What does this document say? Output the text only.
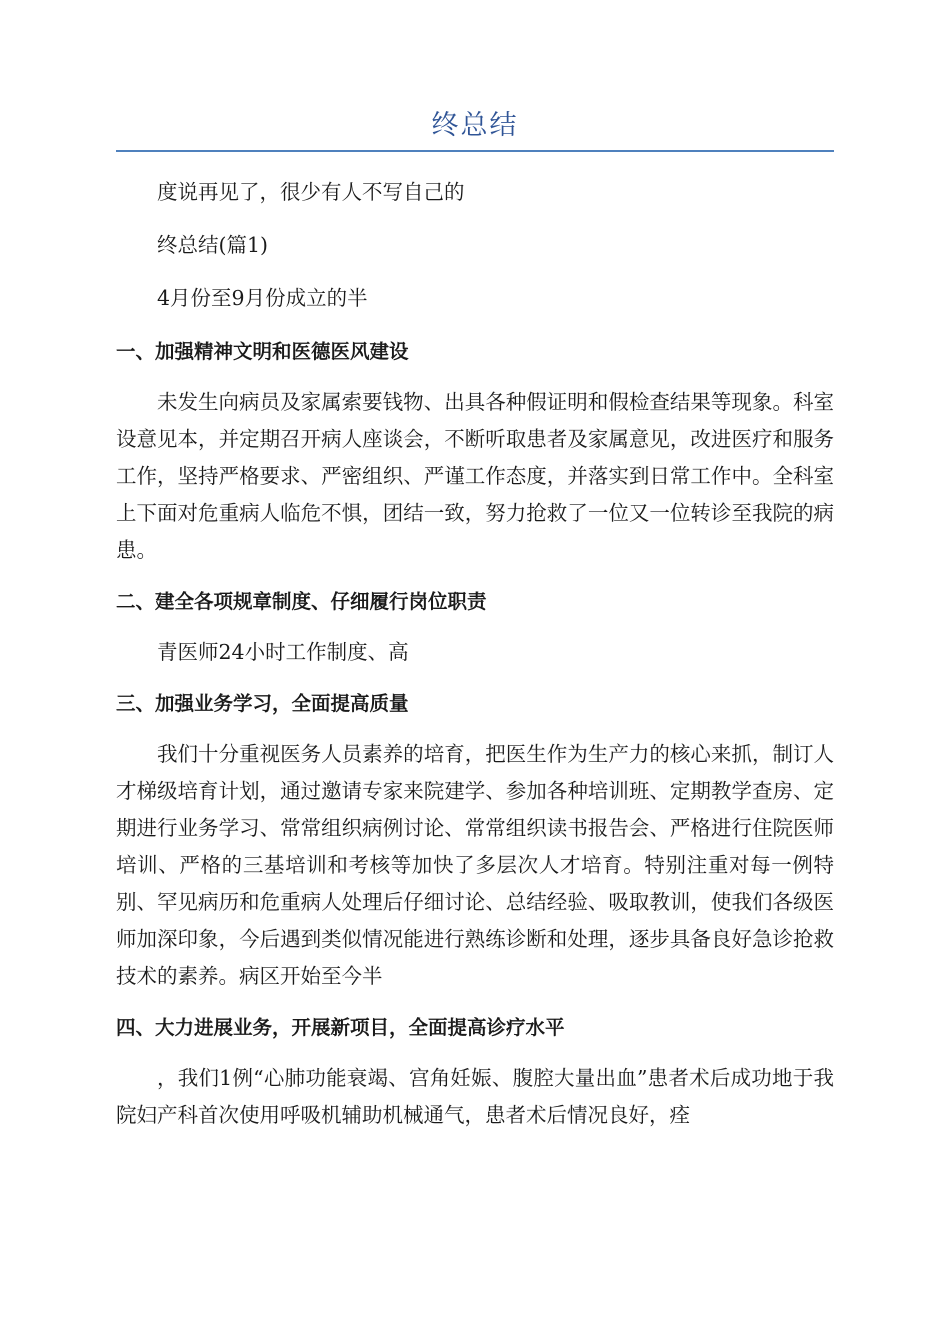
终总结

度说再见了，很少有人不写自己的

终总结(篇1)

4月份至9月份成立的半

一、加强精神文明和医德医风建设

未发生向病员及家属索要钱物、出具各种假证明和假检查结果等现象。科室设意见本，并定期召开病人座谈会，不断听取患者及家属意见，改进医疗和服务工作，坚持严格要求、严密组织、严谨工作态度，并落实到日常工作中。全科室上下面对危重病人临危不惧，团结一致，努力抢救了一位又一位转诊至我院的病患。

二、建全各项规章制度、仔细履行岗位职责

青医师24小时工作制度、高

三、加强业务学习，全面提高质量

我们十分重视医务人员素养的培育，把医生作为生产力的核心来抓，制订人才梯级培育计划，通过邀请专家来院建学、参加各种培训班、定期教学查房、定期进行业务学习、常常组织病例讨论、常常组织读书报告会、严格进行住院医师培训、严格的三基培训和考核等加快了多层次人才培育。特别注重对每一例特别、罕见病历和危重病人处理后仔细讨论、总结经验、吸取教训，使我们各级医师加深印象，今后遇到类似情况能进行熟练诊断和处理，逐步具备良好急诊抢救技术的素养。病区开始至今半

四、大力进展业务，开展新项目，全面提高诊疗水平

，我们1例“心肺功能衰竭、宫角妊娠、腹腔大量出血”患者术后成功地于我院妇产科首次使用呼吸机辅助机械通气，患者术后情况良好，痊
